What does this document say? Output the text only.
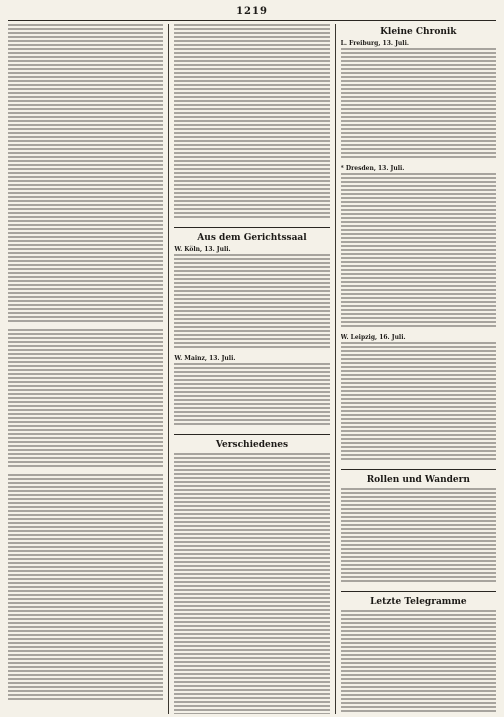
1219
Aus dem Gerichtssaal

W. Köln, 13. Juli.

W. Mainz, 13. Juli.

Verschiedenes
Kleine Chronik

L. Freiburg, 13. Juli.

* Dresden, 13. Juli.

W. Leipzig, 16. Juli.

Rollen und Wandern
Letzte Telegramme
